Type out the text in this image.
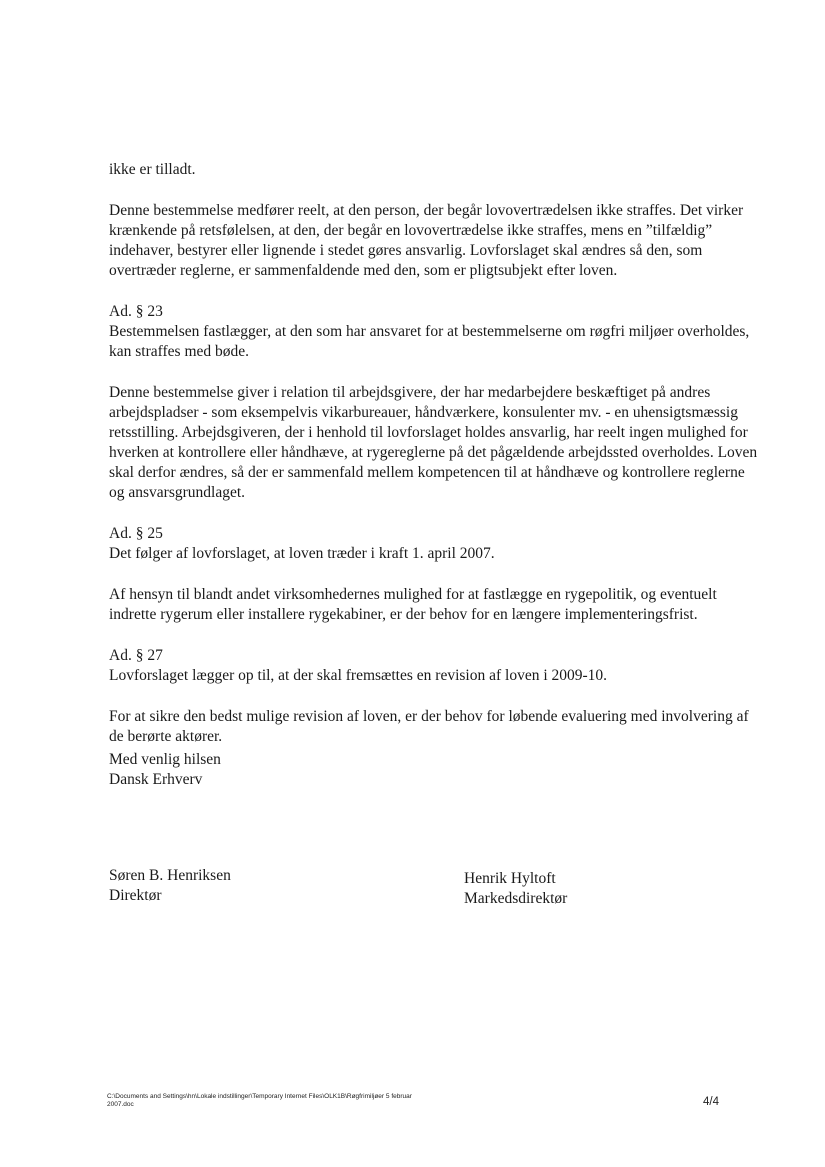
ikke er tilladt.

Denne bestemmelse medfører reelt, at den person, der begår lovovertrædelsen ikke straffes. Det virker krænkende på retsfølelsen, at den, der begår en lovovertrædelse ikke straffes, mens en ”tilfældig” indehaver, bestyrer eller lignende i stedet gøres ansvarlig. Lovforslaget skal ændres så den, som overtræder reglerne, er sammenfaldende med den, som er pligtsubjekt efter loven.

Ad. § 23

Bestemmelsen fastlægger, at den som har ansvaret for at bestemmelserne om røgfri miljøer overholdes, kan straffes med bøde.

Denne bestemmelse giver i relation til arbejdsgivere, der har medarbejdere beskæftiget på andres arbejdspladser - som eksempelvis vikarbureauer, håndværkere, konsulenter mv. - en uhensigtsmæssig retsstilling. Arbejdsgiveren, der i henhold til lovforslaget holdes ansvarlig, har reelt ingen mulighed for hverken at kontrollere eller håndhæve, at rygereglerne på det pågældende arbejdssted overholdes. Loven skal derfor ændres, så der er sammenfald mellem kompetencen til at håndhæve og kontrollere reglerne og ansvarsgrundlaget.

Ad. § 25

Det følger af lovforslaget, at loven træder i kraft 1. april 2007.

Af hensyn til blandt andet virksomhedernes mulighed for at fastlægge en rygepolitik, og eventuelt indrette rygerum eller installere rygekabiner, er der behov for en længere implementeringsfrist.

Ad. § 27

Lovforslaget lægger op til, at der skal fremsættes en revision af loven i 2009-10.

For at sikre den bedst mulige revision af loven, er der behov for løbende evaluering med involvering af de berørte aktører.

Med venlig hilsen
Dansk Erhverv
Søren B. Henriksen
Direktør
Henrik Hyltoft
Markedsdirektør
C:\Documents and Settings\hn\Lokale indstillinger\Temporary Internet Files\OLK1B\Røgfrimiljøer 5 februar 2007.doc	4/4
